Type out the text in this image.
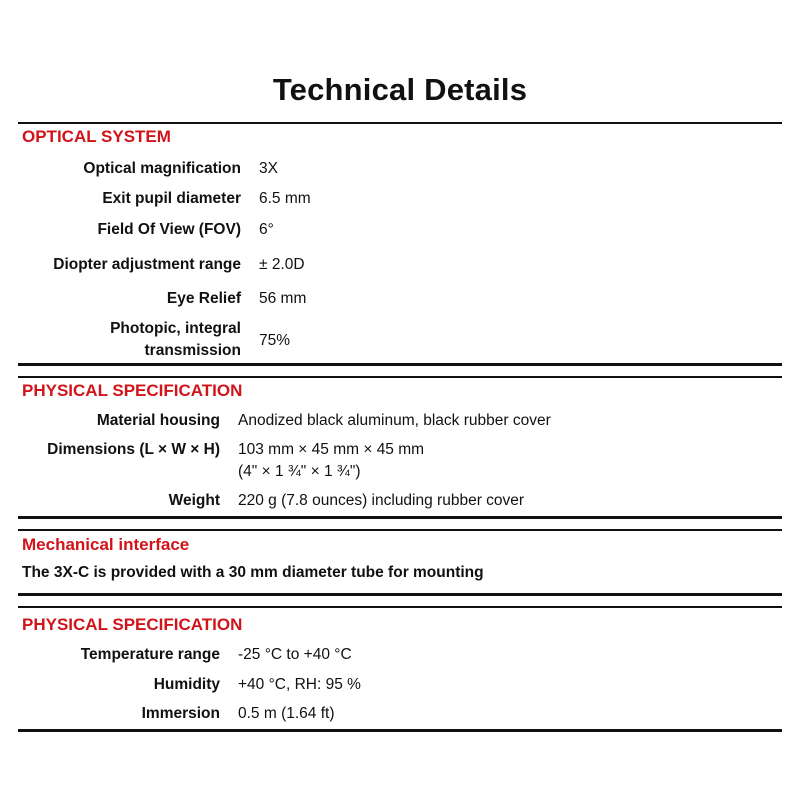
Technical Details
OPTICAL SYSTEM
Optical magnification 3X
Exit pupil diameter 6.5 mm
Field Of View (FOV) 6°
Diopter adjustment range ± 2.0D
Eye Relief 56 mm
Photopic, integral
transmission
75%
PHYSICAL SPECIFICATION
Material housing Anodized black aluminum, black rubber cover
Dimensions (L × W × H) 103 mm × 45 mm × 45 mm
(4" × 1 ¾" × 1 ¾")
Weight 220 g (7.8 ounces) including rubber cover
Mechanical interface
The 3X-C is provided with a 30 mm diameter tube for mounting
PHYSICAL SPECIFICATION
Temperature range -25 °C to +40 °C
Humidity +40 °C, RH: 95 %
Immersion 0.5 m (1.64 ft)
